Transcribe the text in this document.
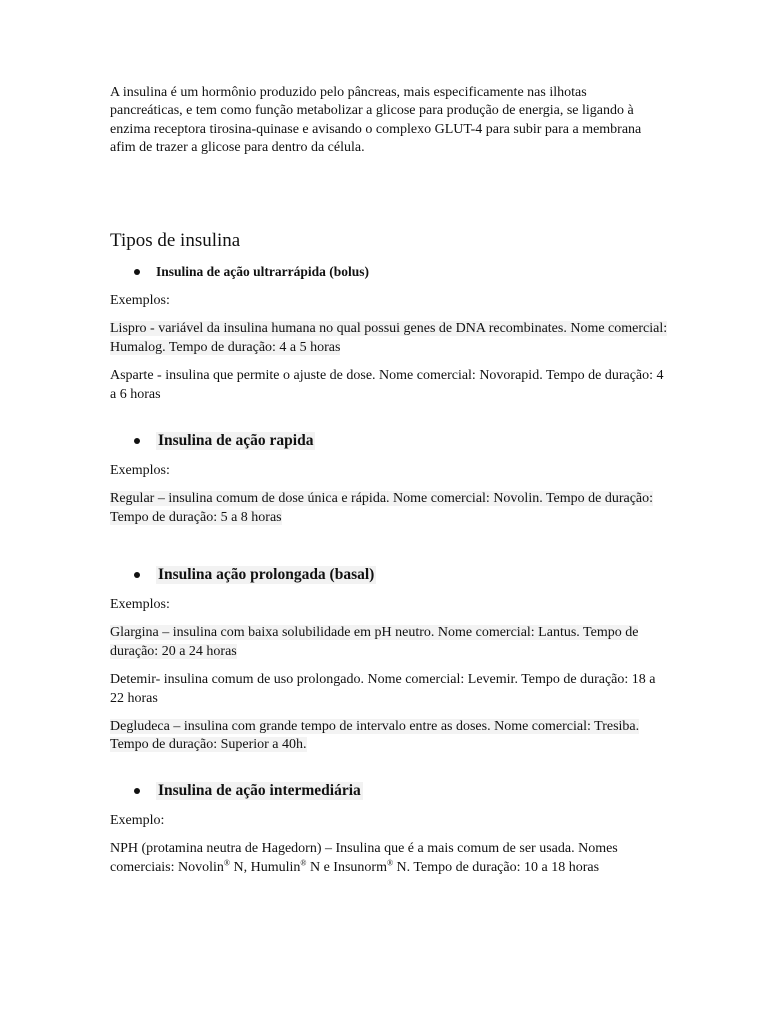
A insulina é um hormônio produzido pelo pâncreas, mais especificamente nas ilhotas pancreáticas, e tem como função metabolizar a glicose para produção de energia, se ligando à enzima receptora tirosina-quinase e avisando o complexo GLUT-4 para subir para a membrana afim de trazer a glicose para dentro da célula.

Tipos de insulina
Insulina de ação ultrarrápida (bolus)

Exemplos:

Lispro - variável da insulina humana no qual possui genes de DNA recombinates. Nome comercial: Humalog. Tempo de duração: 4 a 5 horas

Asparte - insulina que permite o ajuste de dose. Nome comercial: Novorapid. Tempo de duração: 4 a 6 horas

Insulina de ação rapida

Exemplos:

Regular – insulina comum de dose única e rápida. Nome comercial: Novolin. Tempo de duração: Tempo de duração: 5 a 8 horas

Insulina ação prolongada (basal)

Exemplos:

Glargina – insulina com baixa solubilidade em pH neutro. Nome comercial: Lantus. Tempo de duração: 20 a 24 horas

Detemir- insulina comum de uso prolongado. Nome comercial: Levemir. Tempo de duração: 18 a 22 horas

Degludeca – insulina com grande tempo de intervalo entre as doses. Nome comercial: Tresiba. Tempo de duração: Superior a 40h.

Insulina de ação intermediária

Exemplo:

NPH (protamina neutra de Hagedorn) – Insulina que é a mais comum de ser usada. Nomes comerciais: Novolin® N, Humulin® N e Insunorm® N. Tempo de duração: 10 a 18 horas
